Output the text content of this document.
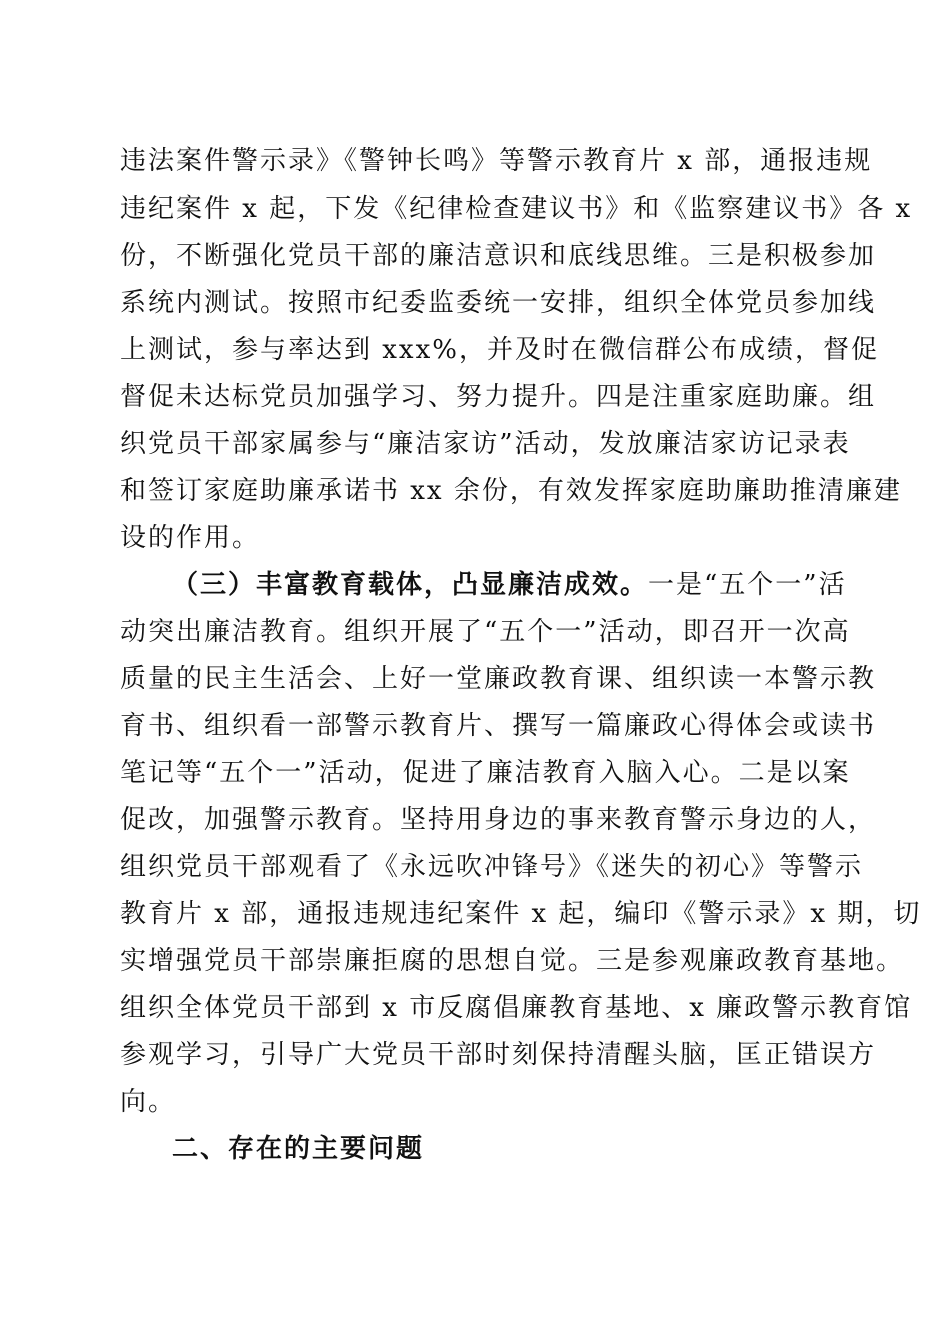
违法案件警示录》《警钟长鸣》等警示教育片 x 部，通报违规
违纪案件 x 起，下发《纪律检查建议书》和《监察建议书》各 x
份，不断强化党员干部的廉洁意识和底线思维。三是积极参加
系统内测试。按照市纪委监委统一安排，组织全体党员参加线
上测试，参与率达到 xxx%，并及时在微信群公布成绩，督促
督促未达标党员加强学习、努力提升。四是注重家庭助廉。组
织党员干部家属参与“廉洁家访”活动，发放廉洁家访记录表
和签订家庭助廉承诺书 xx 余份，有效发挥家庭助廉助推清廉建
设的作用。
（三）丰富教育载体，凸显廉洁成效。一是“五个一”活
动突出廉洁教育。组织开展了“五个一”活动，即召开一次高
质量的民主生活会、上好一堂廉政教育课、组织读一本警示教
育书、组织看一部警示教育片、撰写一篇廉政心得体会或读书
笔记等“五个一”活动，促进了廉洁教育入脑入心。二是以案
促改，加强警示教育。坚持用身边的事来教育警示身边的人，
组织党员干部观看了《永远吹冲锋号》《迷失的初心》等警示
教育片 x 部，通报违规违纪案件 x 起，编印《警示录》x 期，切
实增强党员干部崇廉拒腐的思想自觉。三是参观廉政教育基地。
组织全体党员干部到 x 市反腐倡廉教育基地、x 廉政警示教育馆
参观学习，引导广大党员干部时刻保持清醒头脑，匡正错误方
向。
二、存在的主要问题
